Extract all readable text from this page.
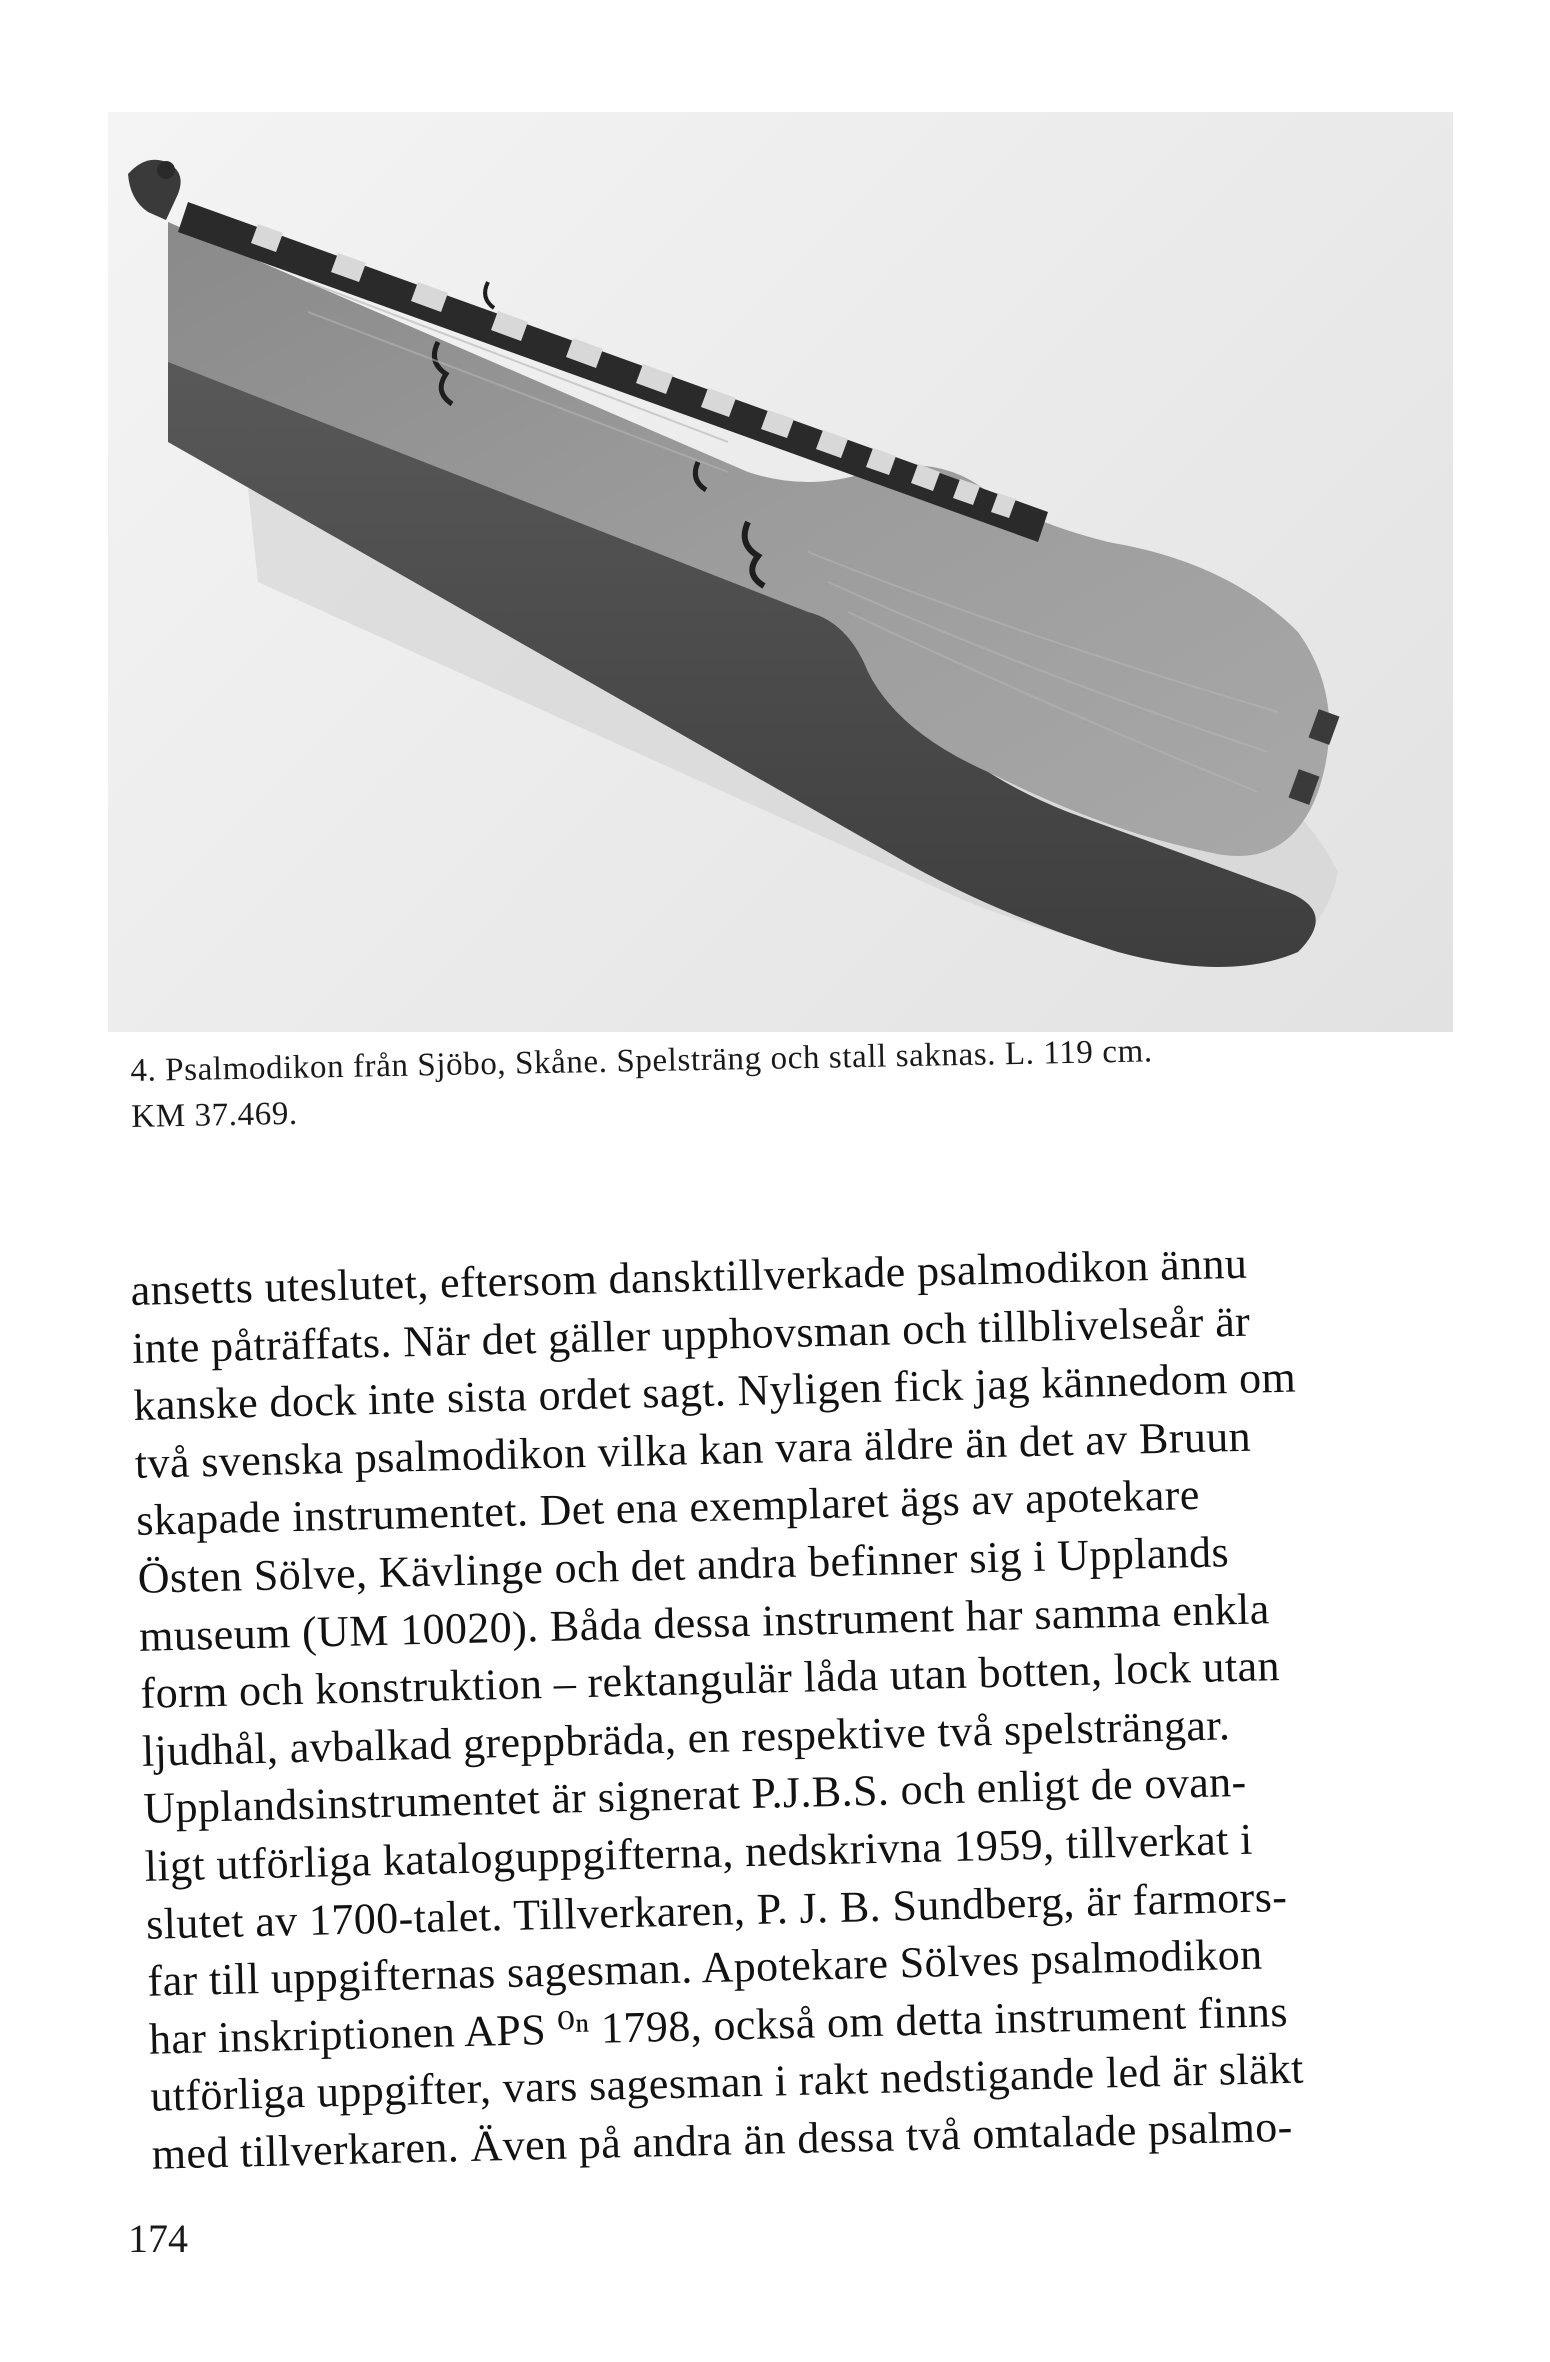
4. Psalmodikon från Sjöbo, Skåne. Spelsträng och stall saknas. L. 119 cm.
KM 37.469.
ansetts uteslutet, eftersom dansktillverkade psalmodikon ännu
inte påträffats. När det gäller upphovsman och tillblivelseår är
kanske dock inte sista ordet sagt. Nyligen fick jag kännedom om
två svenska psalmodikon vilka kan vara äldre än det av Bruun
skapade instrumentet. Det ena exemplaret ägs av apotekare
Östen Sölve, Kävlinge och det andra befinner sig i Upplands
museum (UM 10020). Båda dessa instrument har samma enkla
form och konstruktion – rektangulär låda utan botten, lock utan
ljudhål, avbalkad greppbräda, en respektive två spelsträngar.
Upplandsinstrumentet är signerat P.J.B.S. och enligt de ovan-
ligt utförliga kataloguppgifterna, nedskrivna 1959, tillverkat i
slutet av 1700-talet. Tillverkaren, P. J. B. Sundberg, är farmors-
far till uppgifternas sagesman. Apotekare Sölves psalmodikon
har inskriptionen APS ⁰ⁿ 1798, också om detta instrument finns
utförliga uppgifter, vars sagesman i rakt nedstigande led är släkt
med tillverkaren. Även på andra än dessa två omtalade psalmo-
174
